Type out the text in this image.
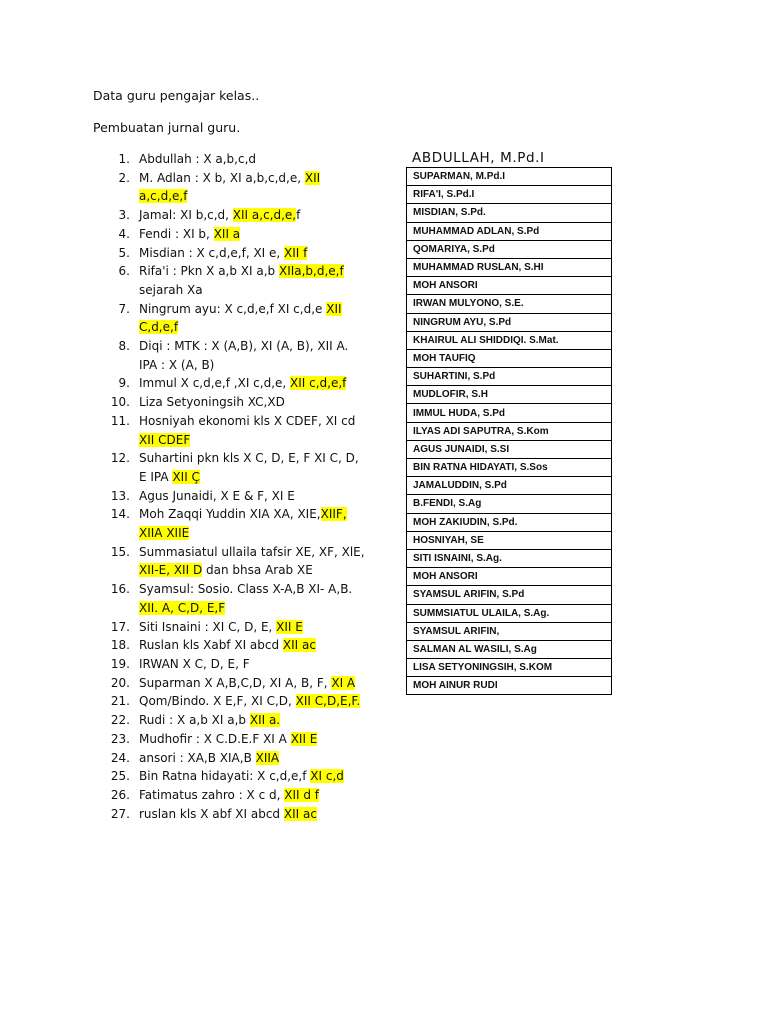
Data guru pengajar kelas..
Pembuatan jurnal guru.
1. Abdullah : X a,b,c,d
2. M. Adlan : X b, XI a,b,c,d,e, XII a,c,d,e,f
3. Jamal: XI b,c,d, XII a,c,d,e,f
4. Fendi : XI b, XII a
5. Misdian : X c,d,e,f, XI e, XII f
6. Rifa'i : Pkn X a,b XI a,b XIIa,b,d,e,f sejarah Xa
7. Ningrum ayu: X c,d,e,f XI c,d,e XII C,d,e,f
8. Diqi : MTK : X (A,B), XI (A, B), XII A. IPA : X (A, B)
9. Immul X c,d,e,f ,XI c,d,e, XII c,d,e,f
10. Liza Setyoningsih XC,XD
11. Hosniyah ekonomi kls X CDEF, XI cd XII CDEF
12. Suhartini pkn kls X C, D, E, F XI C, D, E IPA XII Ç
13. Agus Junaidi, X E & F, XI E
14. Moh Zaqqi Yuddin XIA XA, XIE,XIIF, XIIA XIIE
15. Summasiatul ullaila tafsir XE, XF, XlE, XII-E, XII D dan bhsa Arab XE
16. Syamsul: Sosio. Class X-A,B XI- A,B. XII. A, C,D, E,F
17. Siti Isnaini : XI C, D, E, XII E
18. Ruslan kls Xabf XI abcd XII ac
19. IRWAN X C, D, E, F
20. Suparman X A,B,C,D, XI A, B, F, XI A
21. Qom/Bindo. X E,F, XI C,D, XII C,D,E,F.
22. Rudi : X a,b XI a,b XII a.
23. Mudhofir : X C.D.E.F XI A XII E
24. ansori : XA,B XIA,B XIIA
25. Bin Ratna hidayati: X c,d,e,f XI c,d
26. Fatimatus zahro : X c d, XII d f
27. ruslan kls X abf XI abcd XII ac
ABDULLAH, M.Pd.I
SUPARMAN, M.Pd.I
RIFA'I, S.Pd.I
MISDIAN, S.Pd.
MUHAMMAD ADLAN, S.Pd
QOMARIYA, S.Pd
MUHAMMAD RUSLAN, S.HI
MOH ANSORI
IRWAN MULYONO, S.E.
NINGRUM AYU, S.Pd
KHAIRUL ALI SHIDDIQI. S.Mat.
MOH TAUFIQ
SUHARTINI, S.Pd
MUDLOFIR, S.H
IMMUL HUDA, S.Pd
ILYAS ADI SAPUTRA, S.Kom
AGUS JUNAIDI, S.SI
BIN RATNA HIDAYATI, S.Sos
JAMALUDDIN, S.Pd
B.FENDI, S.Ag
MOH ZAKIUDIN, S.Pd.
HOSNIYAH, SE
SITI ISNAINI, S.Ag.
MOH ANSORI
SYAMSUL ARIFIN, S.Pd
SUMMSIATUL ULAILA, S.Ag.
SYAMSUL ARIFIN,
SALMAN AL WASILI, S.Ag
LISA SETYONINGSIH, S.KOM
MOH AINUR RUDI
